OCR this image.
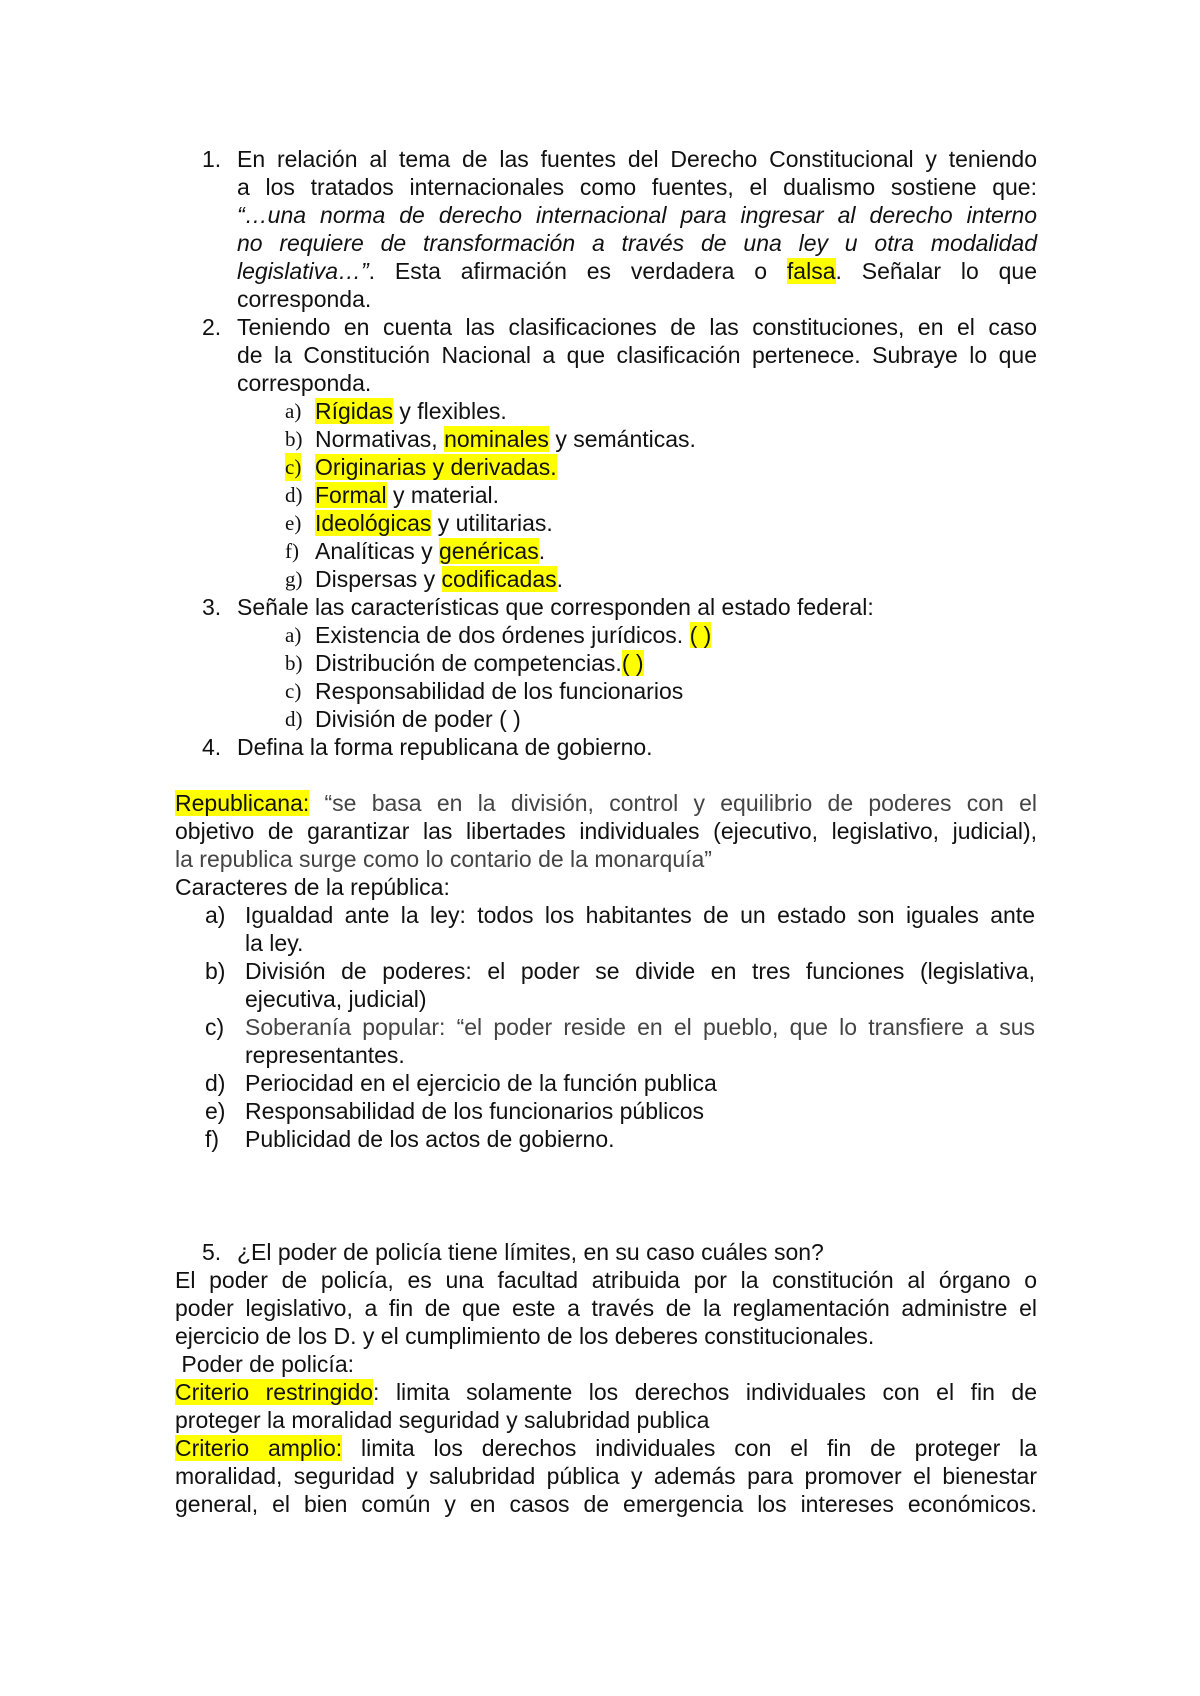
1. En relación al tema de las fuentes del Derecho Constitucional y teniendo
a los tratados internacionales como fuentes, el dualismo sostiene que:
“…una norma de derecho internacional para ingresar al derecho interno
no requiere de transformación a través de una ley u otra modalidad
legislativa…”. Esta afirmación es verdadera o falsa. Señalar lo que
corresponda.
2. Teniendo en cuenta las clasificaciones de las constituciones, en el caso
de la Constitución Nacional a que clasificación pertenece. Subraye lo que
corresponda.
a) Rígidas y flexibles.
b) Normativas, nominales y semánticas.
c) Originarias y derivadas.
d) Formal y material.
e) Ideológicas y utilitarias.
f) Analíticas y genéricas.
g) Dispersas y codificadas.
3. Señale las características que corresponden al estado federal:
a) Existencia de dos órdenes jurídicos. ( )
b) Distribución de competencias.( )
c) Responsabilidad de los funcionarios
d) División de poder ( )
4. Defina la forma republicana de gobierno.
Republicana: “se basa en la división, control y equilibrio de poderes con el
objetivo de garantizar las libertades individuales (ejecutivo, legislativo, judicial),
la republica surge como lo contario de la monarquía”
Caracteres de la república:
a) Igualdad ante la ley: todos los habitantes de un estado son iguales ante
la ley.
b) División de poderes: el poder se divide en tres funciones (legislativa,
ejecutiva, judicial)
c) Soberanía popular: “el poder reside en el pueblo, que lo transfiere a sus
representantes.
d) Periocidad en el ejercicio de la función publica
e) Responsabilidad de los funcionarios públicos
f) Publicidad de los actos de gobierno.
5. ¿El poder de policía tiene límites, en su caso cuáles son?
El poder de policía, es una facultad atribuida por la constitución al órgano o
poder legislativo, a fin de que este a través de la reglamentación administre el
ejercicio de los D. y el cumplimiento de los deberes constitucionales.
Poder de policía:
Criterio restringido: limita solamente los derechos individuales con el fin de
proteger la moralidad seguridad y salubridad publica
Criterio amplio: limita los derechos individuales con el fin de proteger la
moralidad, seguridad y salubridad pública y además para promover el bienestar
general, el bien común y en casos de emergencia los intereses económicos.
